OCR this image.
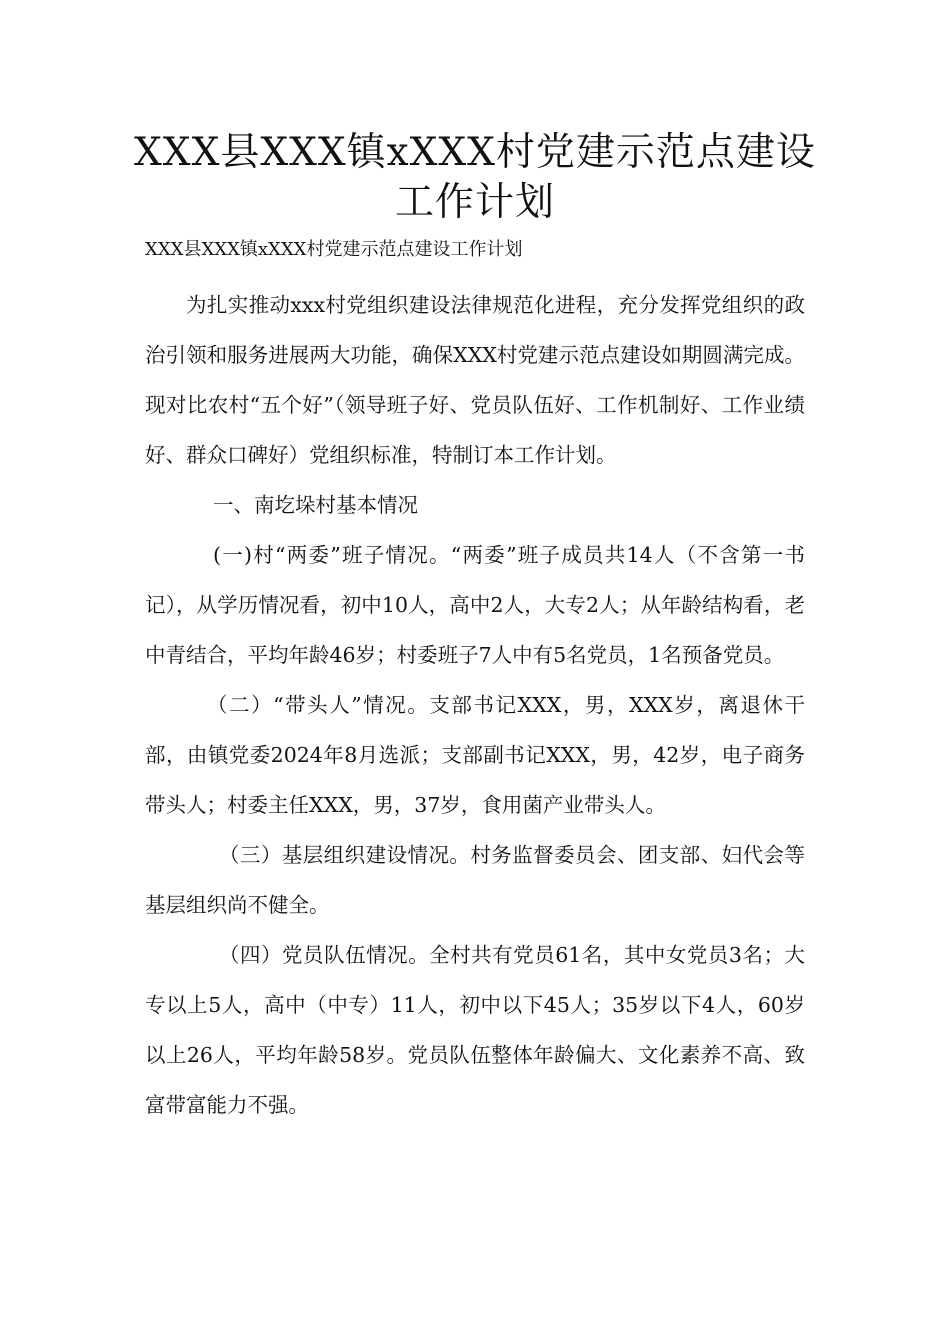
XXX县XXX镇xXXX村党建示范点建设工作计划
XXX县XXX镇xXXX村党建示范点建设工作计划

为扎实推动xxx村党组织建设法律规范化进程，充分发挥党组织的政治引领和服务进展两大功能，确保XXX村党建示范点建设如期圆满完成。现对比农村“五个好”（领导班子好、党员队伍好、工作机制好、工作业绩好、群众口碑好）党组织标准，特制订本工作计划。

一、南圪垛村基本情况

(一)村“两委”班子情况。“两委”班子成员共14人（不含第一书记），从学历情况看，初中10人，高中2人，大专2人；从年龄结构看，老中青结合，平均年龄46岁；村委班子7人中有5名党员，1名预备党员。

（二）“带头人”情况。支部书记XXX，男，XXX岁，离退休干部，由镇党委2024年8月选派；支部副书记XXX，男，42岁，电子商务带头人；村委主任XXX，男，37岁，食用菌产业带头人。

（三）基层组织建设情况。村务监督委员会、团支部、妇代会等基层组织尚不健全。

（四）党员队伍情况。全村共有党员61名，其中女党员3名；大专以上5人，高中（中专）11人，初中以下45人；35岁以下4人，60岁以上26人，平均年龄58岁。党员队伍整体年龄偏大、文化素养不高、致富带富能力不强。
